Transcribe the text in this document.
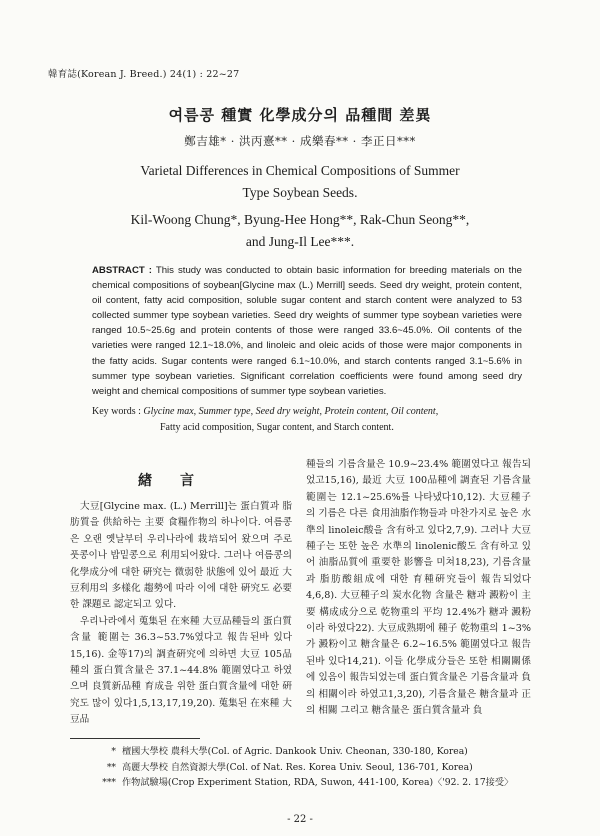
韓育誌(Korean J. Breed.) 24(1) : 22~27
여름콩 種實 化學成分의 品種間 差異
鄭吉雄* · 洪丙憙** · 成樂春** · 李正日***
Varietal Differences in Chemical Compositions of Summer
Type Soybean Seeds.
Kil-Woong Chung*, Byung-Hee Hong**, Rak-Chun Seong**,
and Jung-Il Lee***.
ABSTRACT : This study was conducted to obtain basic information for breeding materials on the chemical compositions of soybean[Glycine max (L.) Merrill] seeds. Seed dry weight, protein content, oil content, fatty acid composition, soluble sugar content and starch content were analyzed to 53 collected summer type soybean varieties. Seed dry weights of summer type soybean varieties were ranged 10.5~25.6g and protein contents of those were ranged 33.6~45.0%. Oil contents of the varieties were ranged 12.1~18.0%, and linoleic and oleic acids of those were major components in the fatty acids. Sugar contents were ranged 6.1~10.0%, and starch contents ranged 3.1~5.6% in summer type soybean varieties. Significant correlation coefficients were found among seed dry weight and chemical compositions of summer type soybean varieties.
Key words : Glycine max, Summer type, Seed dry weight, Protein content, Oil content,
Fatty acid composition, Sugar content, and Starch content.
緖言

大豆[Glycine max. (L.) Merrill]는 蛋白質과 脂肪質을 供給하는 主要 食糧作物의 하나이다. 여름콩은 오랜 옛날부터 우리나라에 栽培되어 왔으며 주로 풋콩이나 밥밑콩으로 利用되어왔다. 그러나 여름콩의 化學成分에 대한 硏究는 微弱한 狀態에 있어 最近 大豆利用의 多樣化 趨勢에 따라 이에 대한 硏究도 必要한 課題로 認定되고 있다.

우리나라에서 蒐集된 在來種 大豆品種들의 蛋白質含量 範圍는 36.3~53.7%였다고 報告된바 있다15,16). 金等17)의 調査硏究에 의하면 大豆 105品種의 蛋白質含量은 37.1~44.8% 範圍였다고 하였으며 良質新品種 育成을 위한 蛋白質含量에 대한 硏究도 많이 있다1,5,13,17,19,20). 蒐集된 在來種 大豆品

種들의 기름含量은 10.9~23.4% 範圍였다고 報告되었고15,16), 最近 大豆 100品種에 調査된 기름含量範圍는 12.1~25.6%를 나타냈다10,12). 大豆種子의 기름은 다른 食用油脂作物들과 마찬가지로 높은 水準의 linoleic酸을 含有하고 있다2,7,9). 그러나 大豆種子는 또한 높은 水準의 linolenic酸도 含有하고 있어 油脂品質에 重要한 影響을 미쳐18,23), 기름含量과 脂肪酸組成에 대한 育種硏究들이 報告되었다4,6,8). 大豆種子의 炭水化物 含量은 糖과 澱粉이 主要 構成成分으로 乾物重의 平均 12.4%가 糖과 澱粉이라 하였다22). 大豆成熟期에 種子 乾物重의 1~3%가 澱粉이고 糖含量은 6.2~16.5% 範圍였다고 報告된바 있다14,21). 이들 化學成分들은 또한 相關關係에 있음이 報告되었는데 蛋白質含量은 기름含量과 負의 相關이라 하였고1,3,20), 기름含量은 糖含量과 正의 相關 그리고 糖含量은 蛋白質含量과 負

* 檀國大學校 農科大學(Col. of Agric. Dankook Univ. Cheonan, 330-180, Korea)
** 高麗大學校 自然資源大學(Col. of Nat. Res. Korea Univ. Seoul, 136-701, Korea)
*** 作物試驗場(Crop Experiment Station, RDA, Suwon, 441-100, Korea)〈'92. 2. 17接受〉
- 22 -
